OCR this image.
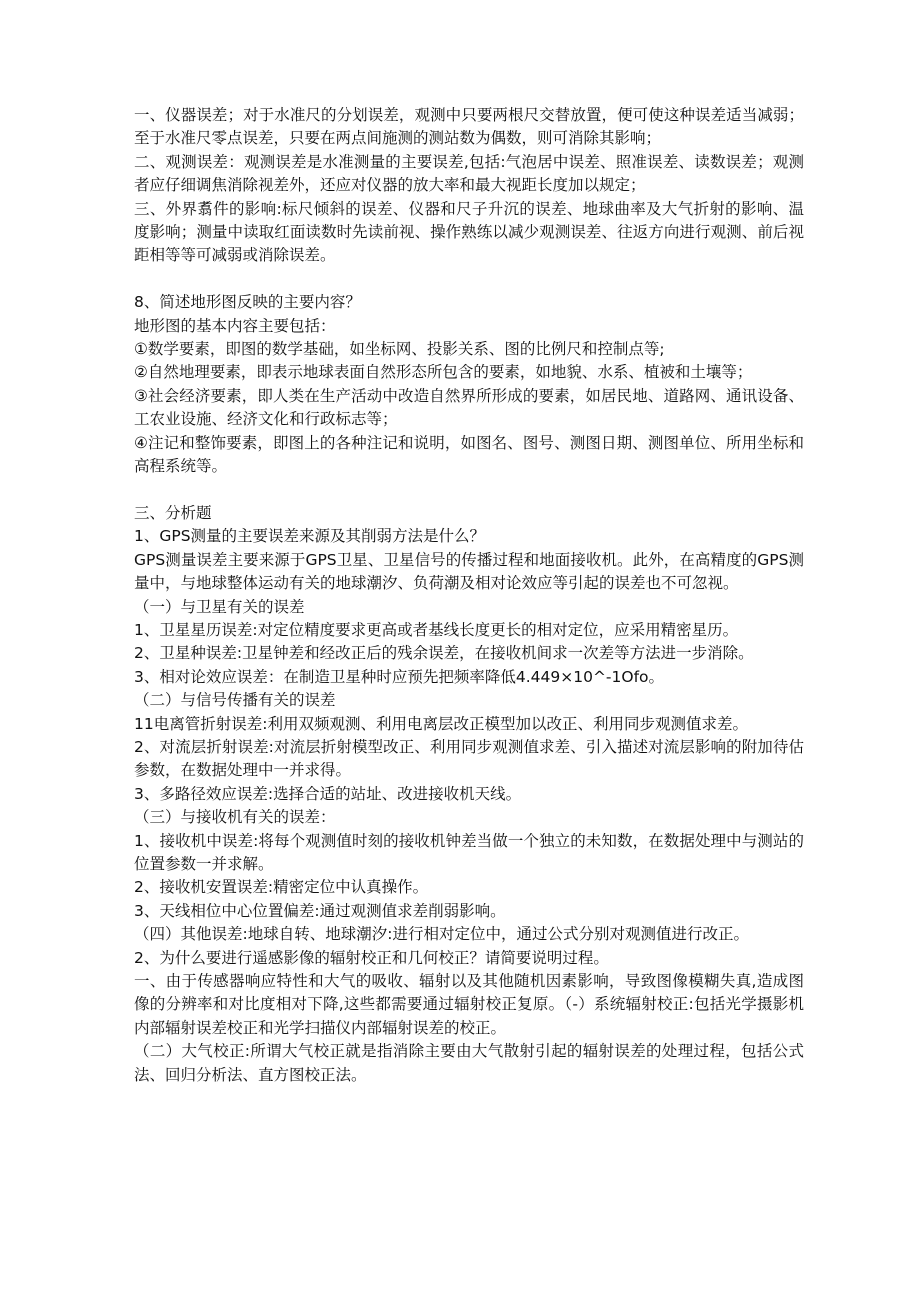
一、仪器误差；对于水准尺的分划误差，观测中只要两根尺交替放置，便可使这种误差适当减弱；至于水准尺零点误差，只要在两点间施测的测站数为偶数，则可消除其影响；

二、观测误差：观测误差是水准测量的主要误差,包括:气泡居中误差、照准误差、读数误差；观测者应仔细调焦消除视差外，还应对仪器的放大率和最大视距长度加以规定；

三、外界翥件的影响:标尺倾斜的误差、仪器和尺子升沉的误差、地球曲率及大气折射的影响、温度影响；测量中读取红面读数时先读前视、操作熟练以减少观测误差、往返方向进行观测、前后视距相等等可减弱或消除误差。

8、简述地形图反映的主要内容？

地形图的基本内容主要包括：

①数学要素，即图的数学基础，如坐标网、投影关系、图的比例尺和控制点等;

②自然地理要素，即表示地球表面自然形态所包含的要素，如地貌、水系、植被和土壤等；

③社会经济要素，即人类在生产活动中改造自然界所形成的要素，如居民地、道路网、通讯设备、工农业设施、经济文化和行政标志等；

④注记和整饰要素，即图上的各种注记和说明，如图名、图号、测图日期、测图单位、所用坐标和高程系统等。

三、分析题

1、GPS测量的主要误差来源及其削弱方法是什么？

GPS测量误差主要来源于GPS卫星、卫星信号的传播过程和地面接收机。此外，在高精度的GPS测量中，与地球整体运动有关的地球潮汐、负荷潮及相对论效应等引起的误差也不可忽视。

（一）与卫星有关的误差

1、卫星星历误差:对定位精度要求更高或者基线长度更长的相对定位，应采用精密星历。

2、卫星种误差:卫星钟差和经改正后的残余误差，在接收机间求一次差等方法进一步消除。

3、相对论效应误差：在制造卫星种时应预先把频率降低4.449×10^-1Ofo。

（二）与信号传播有关的误差

11电离管折射误差:利用双频观测、利用电离层改正模型加以改正、利用同步观测值求差。

2、对流层折射误差:对流层折射模型改正、利用同步观测值求差、引入描述对流层影响的附加待估参数，在数据处理中一并求得。

3、多路径效应误差:选择合适的站址、改进接收机天线。

（三）与接收机有关的误差：

1、接收机中误差:将每个观测值时刻的接收机钟差当做一个独立的未知数，在数据处理中与测站的位置参数一并求解。

2、接收机安置误差:精密定位中认真操作。

3、天线相位中心位置偏差:通过观测值求差削弱影响。

（四）其他误差:地球自转、地球潮汐:进行相对定位中，通过公式分别对观测值进行改正。

2、为什么要进行遥感影像的辐射校正和几何校正？请简要说明过程。

一、由于传感器响应特性和大气的吸收、辐射以及其他随机因素影响，导致图像模糊失真,造成图像的分辨率和对比度相对下降,这些都需要通过辐射校正复原。（-）系统辐射校正:包括光学摄影机内部辐射误差校正和光学扫描仪内部辐射误差的校正。

（二）大气校正:所谓大气校正就是指消除主要由大气散射引起的辐射误差的处理过程，包括公式法、回归分析法、直方图校正法。
